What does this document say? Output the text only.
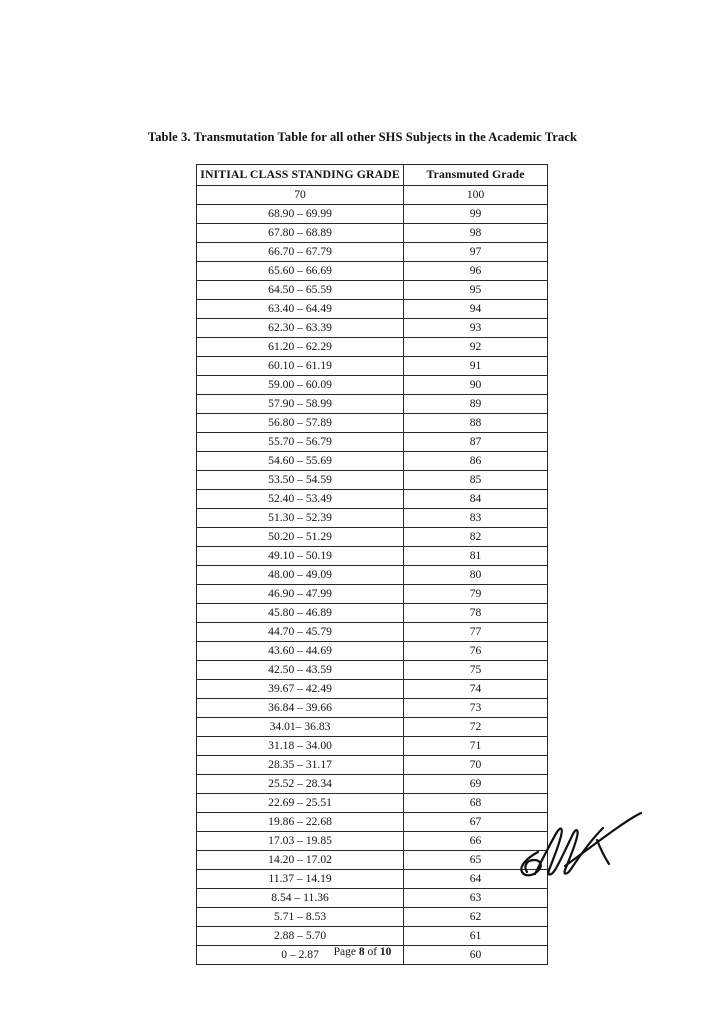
Table 3. Transmutation Table for all other SHS Subjects in the Academic Track
INITIAL CLASS STANDING GRADE	Transmuted Grade
70	100
68.90 – 69.99	99
67.80 – 68.89	98
66.70 – 67.79	97
65.60 – 66.69	96
64.50 – 65.59	95
63.40 – 64.49	94
62.30 – 63.39	93
61.20 – 62.29	92
60.10 – 61.19	91
59.00 – 60.09	90
57.90 – 58.99	89
56.80 – 57.89	88
55.70 – 56.79	87
54.60 – 55.69	86
53.50 – 54.59	85
52.40 – 53.49	84
51.30 – 52.39	83
50.20 – 51.29	82
49.10 – 50.19	81
48.00 – 49.09	80
46.90 – 47.99	79
45.80 – 46.89	78
44.70 – 45.79	77
43.60 – 44.69	76
42.50 – 43.59	75
39.67 – 42.49	74
36.84 – 39.66	73
34.01– 36.83	72
31.18 – 34.00	71
28.35 – 31.17	70
25.52 – 28.34	69
22.69 – 25.51	68
19.86 – 22.68	67
17.03 – 19.85	66
14.20 – 17.02	65
11.37 – 14.19	64
8.54 – 11.36	63
5.71 – 8.53	62
2.88 – 5.70	61
0 – 2.87	60
Page 8 of 10
